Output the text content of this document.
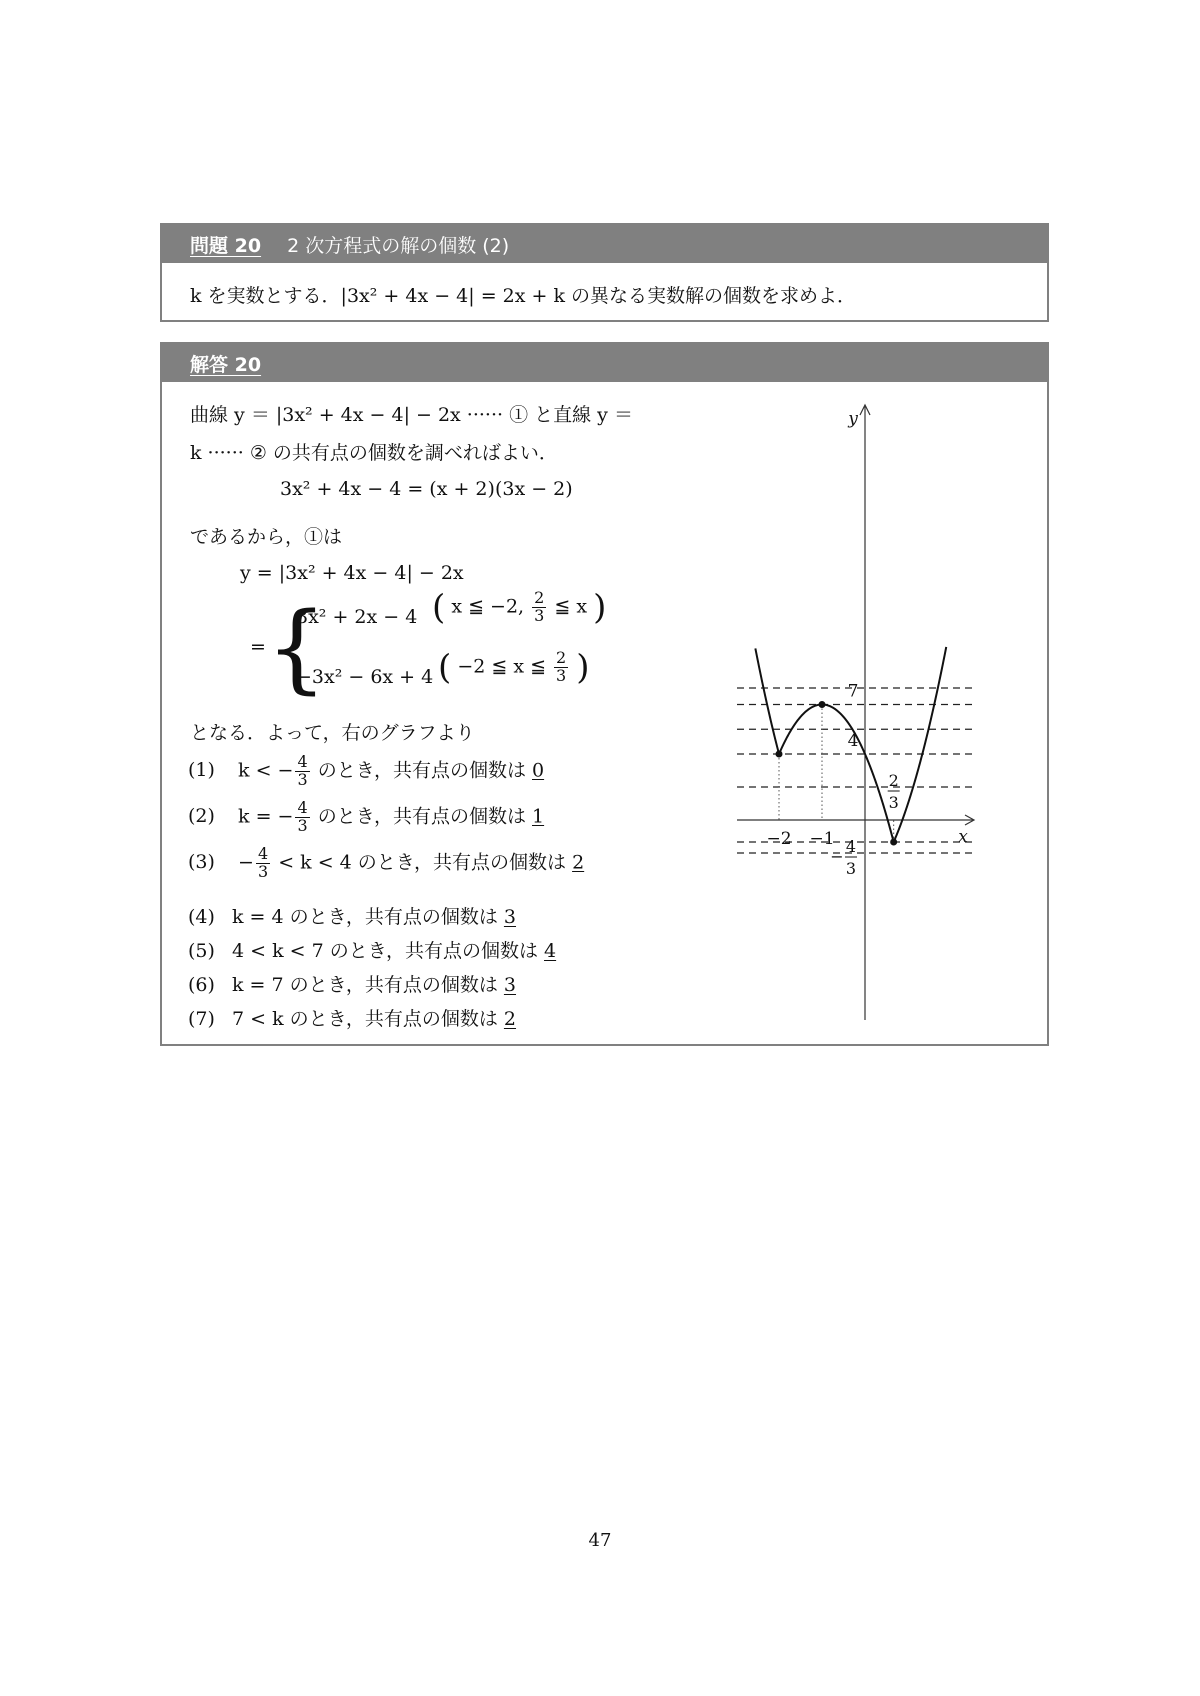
問題 20 2 次方程式の解の個数 (2)
k を実数とする．|3x² + 4x − 4| = 2x + k の異なる実数解の個数を求めよ．
解答 20
曲線 y ＝ |3x² + 4x − 4| − 2x ······ ① と直線 y ＝
k ······ ② の共有点の個数を調べればよい．
3x² + 4x − 4 = (x + 2)(3x − 2)
であるから，①は
y = |3x² + 4x − 4| − 2x
= {
3x² + 2x − 4 ( x ≦ −2, $\frac{2}{3}$ ≦ x )
−3x² − 6x + 4 ( −2 ≦ x ≦ $\frac{2}{3}$ )
となる．よって，右のグラフより
(1) k < − $\frac{4}{3}$ のとき，共有点の個数は 0
(2) k = − $\frac{4}{3}$ のとき，共有点の個数は 1
$(3) - \frac{4}{3} < k < 4$ のとき，共有点の個数は 2
(4) k = 4 のとき，共有点の個数は 3
(5) 4 < k < 7 のとき，共有点の個数は 4
(6) k = 7 のとき，共有点の個数は 3
(7) 7 < k のとき，共有点の個数は 2
y
x
−2 −1
7
4
2
3
−
4
3
47
